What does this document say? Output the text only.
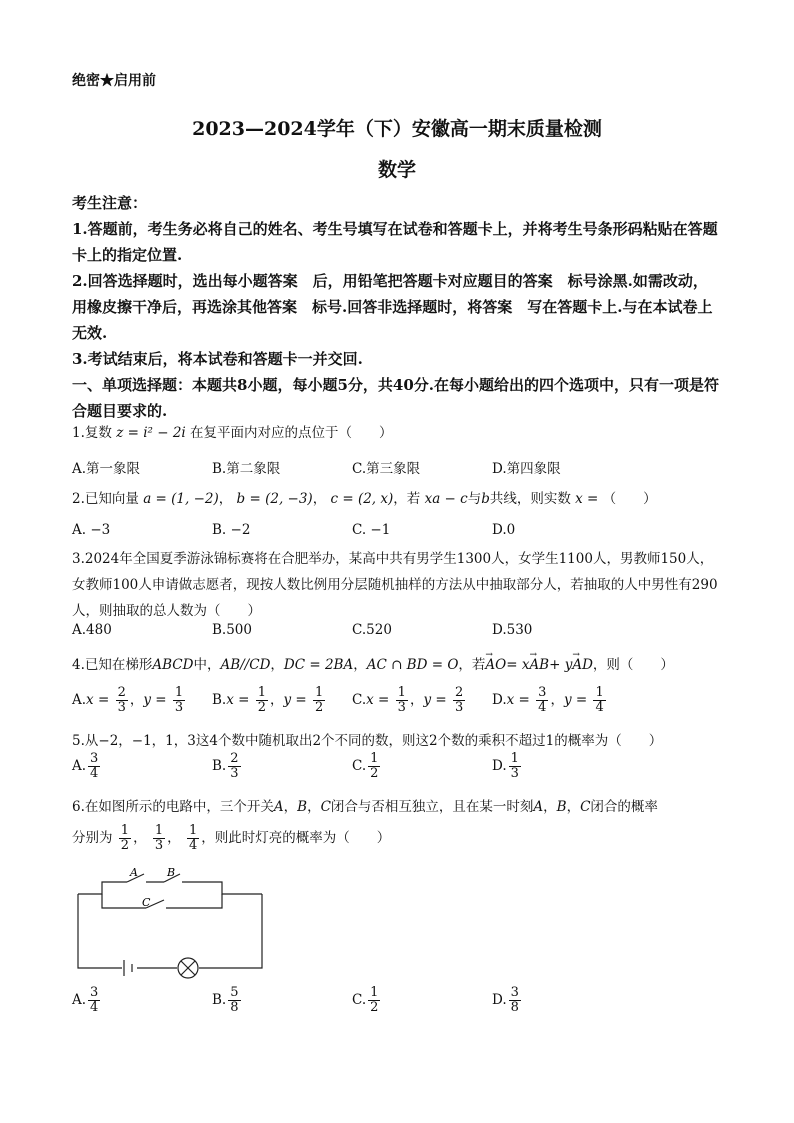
绝密★启用前
2023—2024学年（下）安徽高一期末质量检测
数学

考生注意：

1.答题前，考生务必将自己的姓名、考生号填写在试卷和答题卡上，并将考生号条形码粘贴在答题卡上的指定位置.

2.回答选择题时，选出每小题答案　后，用铅笔把答题卡对应题目的答案　标号涂黑.如需改动，用橡皮擦干净后，再选涂其他答案　标号.回答非选择题时，将答案　写在答题卡上.与在本试卷上无效.

3.考试结束后，将本试卷和答题卡一并交回.

一、单项选择题：本题共8小题，每小题5分，共40分.在每小题给出的四个选项中，只有一项是符合题目要求的.

1.复数 z = i² − 2i 在复平面内对应的点位于（　　）
A.第一象限	B.第二象限	C.第三象限	D.第四象限
2.已知向量 a = (1, −2)， b = (2, −3)， c = (2, x)，若 xa − c与b共线，则实数 x = （　　）
A. −3	B. −2	C. −1	D.0
3.2024年全国夏季游泳锦标赛将在合肥举办，某高中共有男学生1300人，女学生1100人，男教师150人，女教师100人申请做志愿者，现按人数比例用分层随机抽样的方法从中抽取部分人，若抽取的人中男性有290人，则抽取的总人数为（　　）
A.480	B.500	C.520	D.530
4.已知在梯形ABCD中，AB//CD，DC = 2BA，AC ∩ BD = O，若→ AO= x→ AB+ y→ AD，则（　　）
$A.x = \frac{2}{3}$ ，$y = \frac{1}{3} B.x = \frac{1}{2}$ ，$y = \frac{1}{2} C.x = \frac{1}{3}$ ，$y = \frac{2}{3} D.x = \frac{3}{4}$ ，$y = \frac{1}{4}$
5.从−2，−1，1，3这4个数中随机取出2个不同的数，则这2个数的乘积不超过1的概率为（　　）
A. $\frac{3}{4}$	B. $\frac{2}{3}$	C. $\frac{1}{2}$	D. $\frac{1}{3}$
6.在如图所示的电路中，三个开关A，B，C闭合与否相互独立，且在某一时刻A，B，C闭合的概率
分别为 $\frac{1}{2}$ ， $\frac{1}{3}$ ， $\frac{1}{4}$ ，则此时灯亮的概率为（　　）
A	B
C
A. $\frac{3}{4}$	B. $\frac{5}{8}$	C. $\frac{1}{2}$	D. $\frac{3}{8}$
